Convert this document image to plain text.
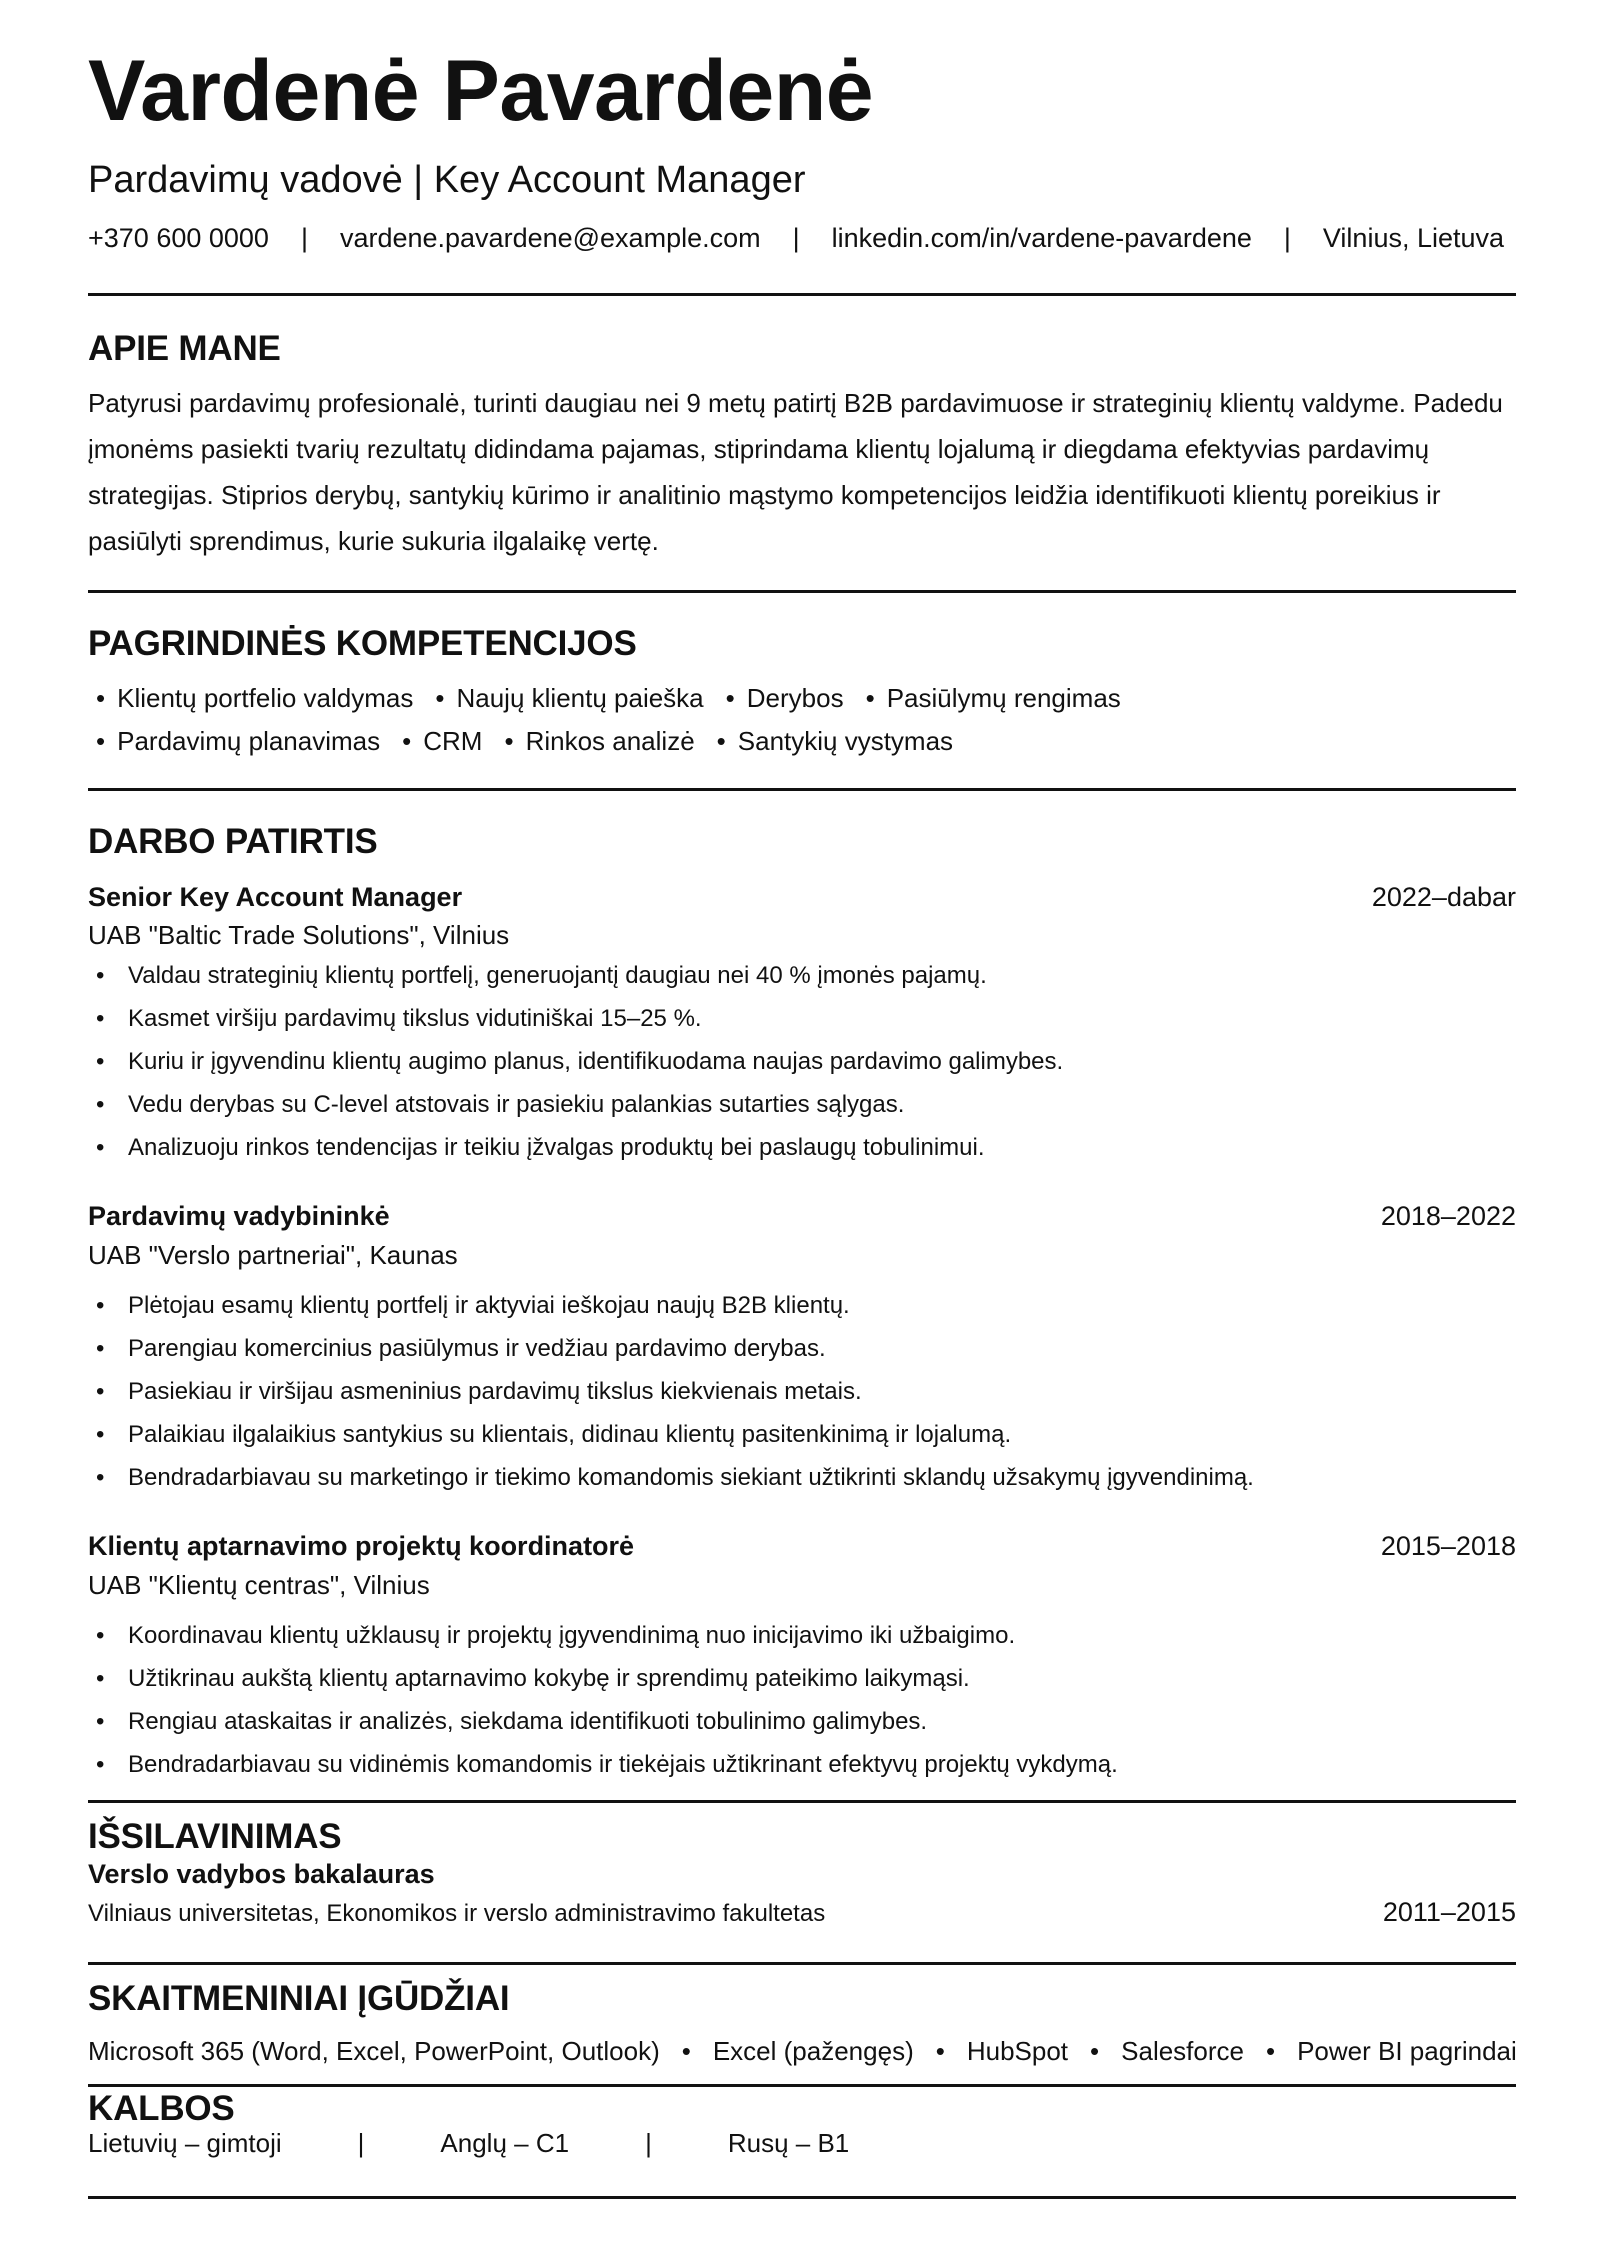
Vardenė Pavardenė
Pardavimų vadovė | Key Account Manager
+370 600 0000	|	vardene.pavardene@example.com	|	linkedin.com/in/vardene-pavardene	|	Vilnius, Lietuva
APIE MANE

Patyrusi pardavimų profesionalė, turinti daugiau nei 9 metų patirtį B2B pardavimuose ir strateginių klientų valdyme. Padedu įmonėms pasiekti tvarių rezultatų didindama pajamas, stiprindama klientų lojalumą ir diegdama efektyvias pardavimų strategijas. Stiprios derybų, santykių kūrimo ir analitinio mąstymo kompetencijos leidžia identifikuoti klientų poreikius ir pasiūlyti sprendimus, kurie sukuria ilgalaikę vertę.

PAGRINDINĖS KOMPETENCIJOS
• Klientų portfelio valdymas	• Naujų klientų paieška	• Derybos	• Pasiūlymų rengimas
• Pardavimų planavimas	• CRM	• Rinkos analizė	• Santykių vystymas
DARBO PATIRTIS
Senior Key Account Manager	2022–dabar
UAB "Baltic Trade Solutions", Vilnius
• Valdau strateginių klientų portfelį, generuojantį daugiau nei 40 % įmonės pajamų.
• Kasmet viršiju pardavimų tikslus vidutiniškai 15–25 %.
• Kuriu ir įgyvendinu klientų augimo planus, identifikuodama naujas pardavimo galimybes.
• Vedu derybas su C-level atstovais ir pasiekiu palankias sutarties sąlygas.
• Analizuoju rinkos tendencijas ir teikiu įžvalgas produktų bei paslaugų tobulinimui.
Pardavimų vadybininkė	2018–2022
UAB "Verslo partneriai", Kaunas
• Plėtojau esamų klientų portfelį ir aktyviai ieškojau naujų B2B klientų.
• Parengiau komercinius pasiūlymus ir vedžiau pardavimo derybas.
• Pasiekiau ir viršijau asmeninius pardavimų tikslus kiekvienais metais.
• Palaikiau ilgalaikius santykius su klientais, didinau klientų pasitenkinimą ir lojalumą.
• Bendradarbiavau su marketingo ir tiekimo komandomis siekiant užtikrinti sklandų užsakymų įgyvendinimą.
Klientų aptarnavimo projektų koordinatorė	2015–2018
UAB "Klientų centras", Vilnius
• Koordinavau klientų užklausų ir projektų įgyvendinimą nuo inicijavimo iki užbaigimo.
• Užtikrinau aukštą klientų aptarnavimo kokybę ir sprendimų pateikimo laikymąsi.
• Rengiau ataskaitas ir analizės, siekdama identifikuoti tobulinimo galimybes.
• Bendradarbiavau su vidinėmis komandomis ir tiekėjais užtikrinant efektyvų projektų vykdymą.
IŠSILAVINIMAS
Verslo vadybos bakalauras
Vilniaus universitetas, Ekonomikos ir verslo administravimo fakultetas	2011–2015
SKAITMENINIAI ĮGŪDŽIAI
Microsoft 365 (Word, Excel, PowerPoint, Outlook) • Excel (pažengęs) • HubSpot • Salesforce • Power BI pagrindai
KALBOS
Lietuvių – gimtoji	|	Anglų – C1	|	Rusų – B1
